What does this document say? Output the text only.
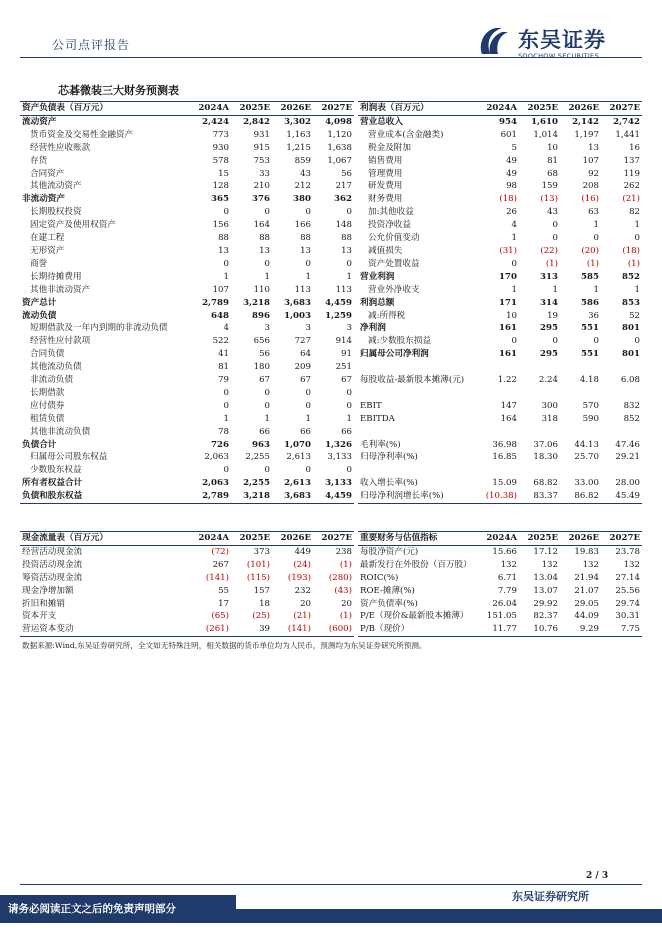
公司点评报告	东吴证券
SOOCHOW SECURITIES
芯碁微装三大财务预测表
资产负债表（百万元）	2024A	2025E	2026E	2027E
流动资产	2,424	2,842	3,302	4,098
货币资金及交易性金融资产	773	931	1,163	1,120
经营性应收账款	930	915	1,215	1,638
存货	578	753	859	1,067
合同资产	15	33	43	56
其他流动资产	128	210	212	217
非流动资产	365	376	380	362
长期股权投资	0	0	0	0
固定资产及使用权资产	156	164	166	148
在建工程	88	88	88	88
无形资产	13	13	13	13
商誉	0	0	0	0
长期待摊费用	1	1	1	1
其他非流动资产	107	110	113	113
资产总计	2,789	3,218	3,683	4,459
流动负债	648	896	1,003	1,259
短期借款及一年内到期的非流动负债	4	3	3	3
经营性应付款项	522	656	727	914
合同负债	41	56	64	91
其他流动负债	81	180	209	251
非流动负债	79	67	67	67
长期借款	0	0	0	0
应付债券	0	0	0	0
租赁负债	1	1	1	1
其他非流动负债	78	66	66	66
负债合计	726	963	1,070	1,326
归属母公司股东权益	2,063	2,255	2,613	3,133
少数股东权益	0	0	0	0
所有者权益合计	2,063	2,255	2,613	3,133
负债和股东权益	2,789	3,218	3,683	4,459
利润表（百万元）	2024A	2025E	2026E	2027E
营业总收入	954	1,610	2,142	2,742
营业成本(含金融类)	601	1,014	1,197	1,441
税金及附加	5	10	13	16
销售费用	49	81	107	137
管理费用	49	68	92	119
研发费用	98	159	208	262
财务费用	(18)	(13)	(16)	(21)
加:其他收益	26	43	63	82
投资净收益	4	0	1	1
公允价值变动	1	0	0	0
减值损失	(31)	(22)	(20)	(18)
资产处置收益	0	(1)	(1)	(1)
营业利润	170	313	585	852
营业外净收支	1	1	1	1
利润总额	171	314	586	853
减:所得税	10	19	36	52
净利润	161	295	551	801
减:少数股东损益	0	0	0	0
归属母公司净利润	161	295	551	801

每股收益-最新股本摊薄(元)	1.22	2.24	4.18	6.08

EBIT	147	300	570	832
EBITDA	164	318	590	852

毛利率(%)	36.98	37.06	44.13	47.46
归母净利率(%)	16.85	18.30	25.70	29.21

收入增长率(%)	15.09	68.82	33.00	28.00
归母净利润增长率(%)	(10.38)	83.37	86.82	45.49
现金流量表（百万元）	2024A	2025E	2026E	2027E
经营活动现金流	(72)	373	449	238
投资活动现金流	267	(101)	(24)	(1)
筹资活动现金流	(141)	(115)	(193)	(280)
现金净增加额	55	157	232	(43)
折旧和摊销	17	18	20	20
资本开支	(65)	(25)	(21)	(1)
营运资本变动	(261)	39	(141)	(600)
重要财务与估值指标	2024A	2025E	2026E	2027E
每股净资产(元)	15.66	17.12	19.83	23.78
最新发行在外股份（百万股）	132	132	132	132
ROIC(%)	6.71	13.04	21.94	27.14
ROE-摊薄(%)	7.79	13.07	21.07	25.56
资产负债率(%)	26.04	29.92	29.05	29.74
P/E（现价&最新股本摊薄）	151.05	82.37	44.09	30.31
P/B（现价）	11.77	10.76	9.29	7.75
数据来源:Wind,东吴证券研究所，全文如无特殊注明，相关数据的货币单位均为人民币，预测均为东吴证券研究所预测。
2 / 3
东吴证券研究所
请务必阅读正文之后的免责声明部分
